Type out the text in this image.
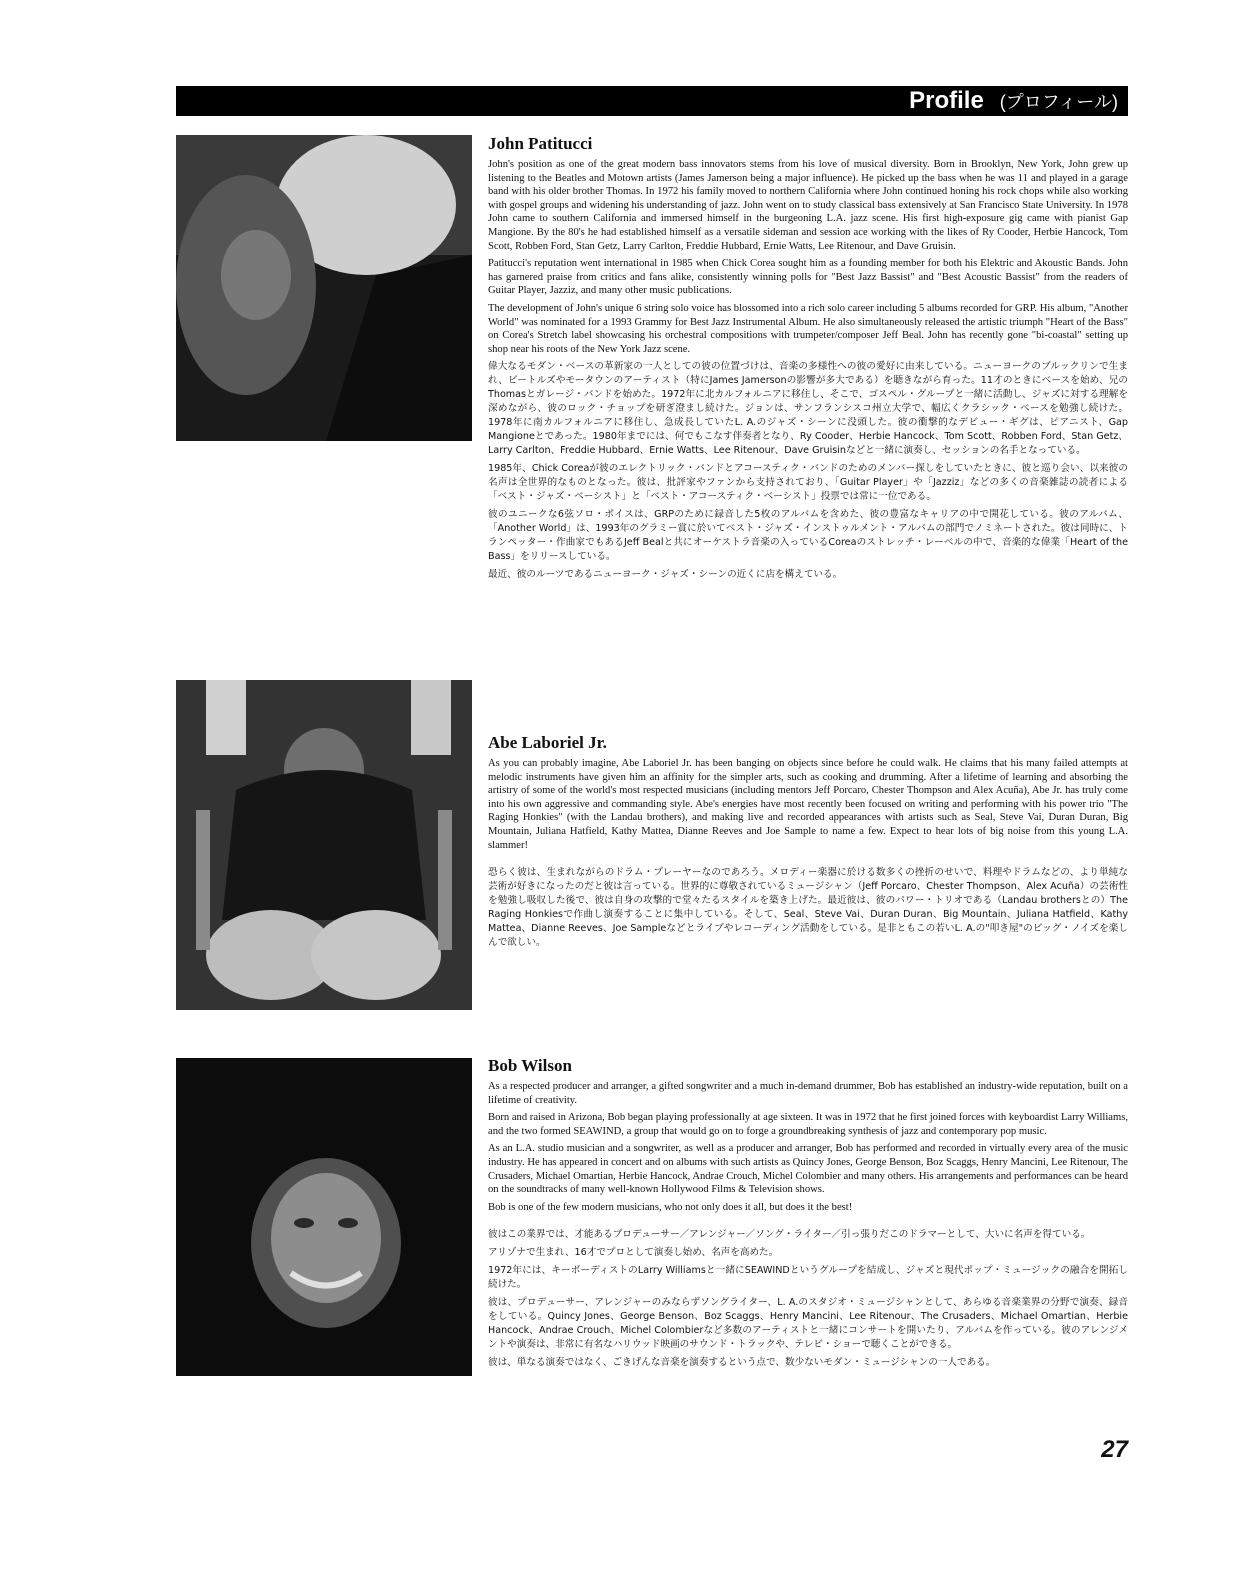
Profile (プロフィール)
John Patitucci

John's position as one of the great modern bass innovators stems from his love of musical diversity. Born in Brooklyn, New York, John grew up listening to the Beatles and Motown artists (James Jamerson being a major influence). He picked up the bass when he was 11 and played in a garage band with his older brother Thomas. In 1972 his family moved to northern California where John continued honing his rock chops while also working with gospel groups and widening his understanding of jazz. John went on to study classical bass extensively at San Francisco State University. In 1978 John came to southern California and immersed himself in the burgeoning L.A. jazz scene. His first high-exposure gig came with pianist Gap Mangione. By the 80's he had established himself as a versatile sideman and session ace working with the likes of Ry Cooder, Herbie Hancock, Tom Scott, Robben Ford, Stan Getz, Larry Carlton, Freddie Hubbard, Ernie Watts, Lee Ritenour, and Dave Gruisin.

Patitucci's reputation went international in 1985 when Chick Corea sought him as a founding member for both his Elektric and Akoustic Bands. John has garnered praise from critics and fans alike, consistently winning polls for "Best Jazz Bassist" and "Best Acoustic Bassist" from the readers of Guitar Player, Jazziz, and many other music publications.

The development of John's unique 6 string solo voice has blossomed into a rich solo career including 5 albums recorded for GRP. His album, "Another World" was nominated for a 1993 Grammy for Best Jazz Instrumental Album. He also simultaneously released the artistic triumph "Heart of the Bass" on Corea's Stretch label showcasing his orchestral compositions with trumpeter/composer Jeff Beal. John has recently gone "bi-coastal" setting up shop near his roots of the New York Jazz scene.

偉大なるモダン・ベースの革新家の一人としての彼の位置づけは、音楽の多様性への彼の愛好に由来している。ニューヨークのブルックリンで生まれ、ビートルズやモータウンのアーティスト（特にJames Jamersonの影響が多大である）を聴きながら育った。11才のときにベースを始め、兄のThomasとガレージ・バンドを始めた。1972年に北カルフォルニアに移住し、そこで、ゴスペル・グループと一緒に活動し、ジャズに対する理解を深めながら、彼のロック・チョップを研ぎ澄まし続けた。ジョンは、サンフランシスコ州立大学で、幅広くクラシック・ベースを勉強し続けた。1978年に南カルフォルニアに移住し、急成長していたL. A.のジャズ・シーンに没頭した。彼の衝撃的なデビュー・ギグは、ピアニスト、Gap Mangioneとであった。1980年までには、何でもこなす伴奏者となり、Ry Cooder、Herbie Hancock、Tom Scott、Robben Ford、Stan Getz、Larry Carlton、Freddie Hubbard、Ernie Watts、Lee Ritenour、Dave Gruisinなどと一緒に演奏し、セッションの名手となっている。

1985年、Chick Coreaが彼のエレクトリック・バンドとアコースティク・バンドのためのメンバー探しをしていたときに、彼と巡り会い、以来彼の名声は全世界的なものとなった。彼は、批評家やファンから支持されており、「Guitar Player」や「Jazziz」などの多くの音楽雑誌の読者による「ベスト・ジャズ・ベーシスト」と「ベスト・アコースティク・ベーシスト」投票では常に一位である。

彼のユニークな6弦ソロ・ボイスは、GRPのために録音した5枚のアルバムを含めた、彼の豊富なキャリアの中で開花している。彼のアルバム、「Another World」は、1993年のグラミー賞に於いてベスト・ジャズ・インストゥルメント・アルバムの部門でノミネートされた。彼は同時に、トランペッター・作曲家でもあるJeff Bealと共にオーケストラ音楽の入っているCoreaのストレッチ・レーベルの中で、音楽的な偉業「Heart of the Bass」をリリースしている。

最近、彼のルーツであるニューヨーク・ジャズ・シーンの近くに店を構えている。

Abe Laboriel Jr.

As you can probably imagine, Abe Laboriel Jr. has been banging on objects since before he could walk. He claims that his many failed attempts at melodic instruments have given him an affinity for the simpler arts, such as cooking and drumming. After a lifetime of learning and absorbing the artistry of some of the world's most respected musicians (including mentors Jeff Porcaro, Chester Thompson and Alex Acuña), Abe Jr. has truly come into his own aggressive and commanding style. Abe's energies have most recently been focused on writing and performing with his power trio "The Raging Honkies" (with the Landau brothers), and making live and recorded appearances with artists such as Seal, Steve Vai, Duran Duran, Big Mountain, Juliana Hatfield, Kathy Mattea, Dianne Reeves and Joe Sample to name a few. Expect to hear lots of big noise from this young L.A. slammer!

恐らく彼は、生まれながらのドラム・プレーヤーなのであろう。メロディー楽器に於ける数多くの挫折のせいで、料理やドラムなどの、より単純な芸術が好きになったのだと彼は言っている。世界的に尊敬されているミュージシャン（Jeff Porcaro、Chester Thompson、Alex Acuña）の芸術性を勉強し吸収した後で、彼は自身の攻撃的で堂々たるスタイルを築き上げた。最近彼は、彼のパワー・トリオである（Landau brothersとの）The Raging Honkiesで作曲し演奏することに集中している。そして、Seal、Steve Vai、Duran Duran、Big Mountain、Juliana Hatfield、Kathy Mattea、Dianne Reeves、Joe Sampleなどとライブやレコーディング活動をしている。是非ともこの若いL. A.の"叩き屋"のビッグ・ノイズを楽しんで欲しい。

Bob Wilson

As a respected producer and arranger, a gifted songwriter and a much in-demand drummer, Bob has established an industry-wide reputation, built on a lifetime of creativity.

Born and raised in Arizona, Bob began playing professionally at age sixteen. It was in 1972 that he first joined forces with keyboardist Larry Williams, and the two formed SEAWIND, a group that would go on to forge a groundbreaking synthesis of jazz and contemporary pop music.

As an L.A. studio musician and a songwriter, as well as a producer and arranger, Bob has performed and recorded in virtually every area of the music industry. He has appeared in concert and on albums with such artists as Quincy Jones, George Benson, Boz Scaggs, Henry Mancini, Lee Ritenour, The Crusaders, Michael Omartian, Herbie Hancock, Andrae Crouch, Michel Colombier and many others. His arrangements and performances can be heard on the soundtracks of many well-known Hollywood Films & Television shows.

Bob is one of the few modern musicians, who not only does it all, but does it the best!

彼はこの業界では、才能あるプロデューサー／アレンジャー／ソング・ライター／引っ張りだこのドラマーとして、大いに名声を得ている。

アリゾナで生まれ、16才でプロとして演奏し始め、名声を高めた。

1972年には、キーボーディストのLarry Williamsと一緒にSEAWINDというグループを結成し、ジャズと現代ポップ・ミュージックの融合を開拓し続けた。

彼は、プロデューサー、アレンジャーのみならずソングライター、L. A.のスタジオ・ミュージシャンとして、あらゆる音楽業界の分野で演奏、録音をしている。Quincy Jones、George Benson、Boz Scaggs、Henry Mancini、Lee Ritenour、The Crusaders、Michael Omartian、Herbie Hancock、Andrae Crouch、Michel Colombierなど多数のアーティストと一緒にコンサートを開いたり、アルバムを作っている。彼のアレンジメントや演奏は、非常に有名なハリウッド映画のサウンド・トラックや、テレビ・ショーで聴くことができる。

彼は、単なる演奏ではなく、ごきげんな音楽を演奏するという点で、数少ないモダン・ミュージシャンの一人である。

27
